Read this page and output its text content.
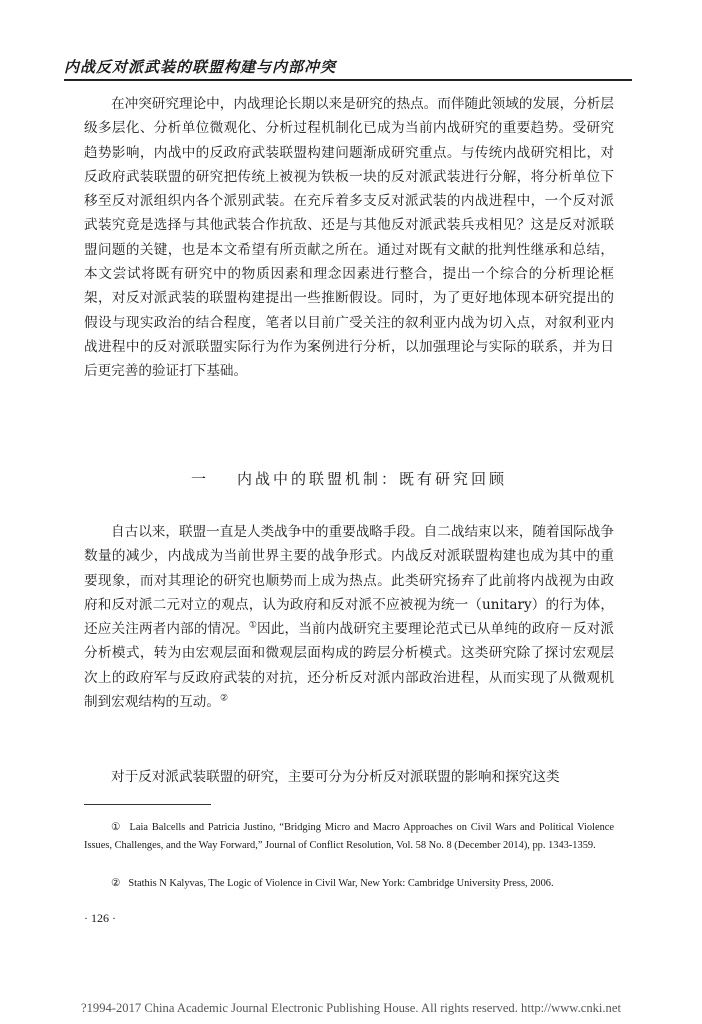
内战反对派武装的联盟构建与内部冲突

在冲突研究理论中，内战理论长期以来是研究的热点。而伴随此领域的发展，分析层级多层化、分析单位微观化、分析过程机制化已成为当前内战研究的重要趋势。受研究趋势影响，内战中的反政府武装联盟构建问题渐成研究重点。与传统内战研究相比，对反政府武装联盟的研究把传统上被视为铁板一块的反对派武装进行分解，将分析单位下移至反对派组织内各个派别武装。在充斥着多支反对派武装的内战进程中，一个反对派武装究竟是选择与其他武装合作抗敌、还是与其他反对派武装兵戎相见？这是反对派联盟问题的关键，也是本文希望有所贡献之所在。通过对既有文献的批判性继承和总结，本文尝试将既有研究中的物质因素和理念因素进行整合，提出一个综合的分析理论框架，对反对派武装的联盟构建提出一些推断假设。同时，为了更好地体现本研究提出的假设与现实政治的结合程度，笔者以目前广受关注的叙利亚内战为切入点，对叙利亚内战进程中的反对派联盟实际行为作为案例进行分析，以加强理论与实际的联系，并为日后更完善的验证打下基础。

一 内战中的联盟机制：既有研究回顾

自古以来，联盟一直是人类战争中的重要战略手段。自二战结束以来，随着国际战争数量的减少，内战成为当前世界主要的战争形式。内战反对派联盟构建也成为其中的重要现象，而对其理论的研究也顺势而上成为热点。此类研究扬弃了此前将内战视为由政府和反对派二元对立的观点，认为政府和反对派不应被视为统一（unitary）的行为体，还应关注两者内部的情况。①因此，当前内战研究主要理论范式已从单纯的政府－反对派分析模式，转为由宏观层面和微观层面构成的跨层分析模式。这类研究除了探讨宏观层次上的政府军与反政府武装的对抗，还分析反对派内部政治进程，从而实现了从微观机制到宏观结构的互动。②

对于反对派武装联盟的研究，主要可分为分析反对派联盟的影响和探究这类

① Laia Balcells and Patricia Justino, “Bridging Micro and Macro Approaches on Civil Wars and Political Violence Issues, Challenges, and the Way Forward,” Journal of Conflict Resolution, Vol. 58 No. 8 (December 2014), pp. 1343-1359.

② Stathis N Kalyvas, The Logic of Violence in Civil War, New York: Cambridge University Press, 2006.

· 126 ·
?1994-2017 China Academic Journal Electronic Publishing House. All rights reserved. http://www.cnki.net
